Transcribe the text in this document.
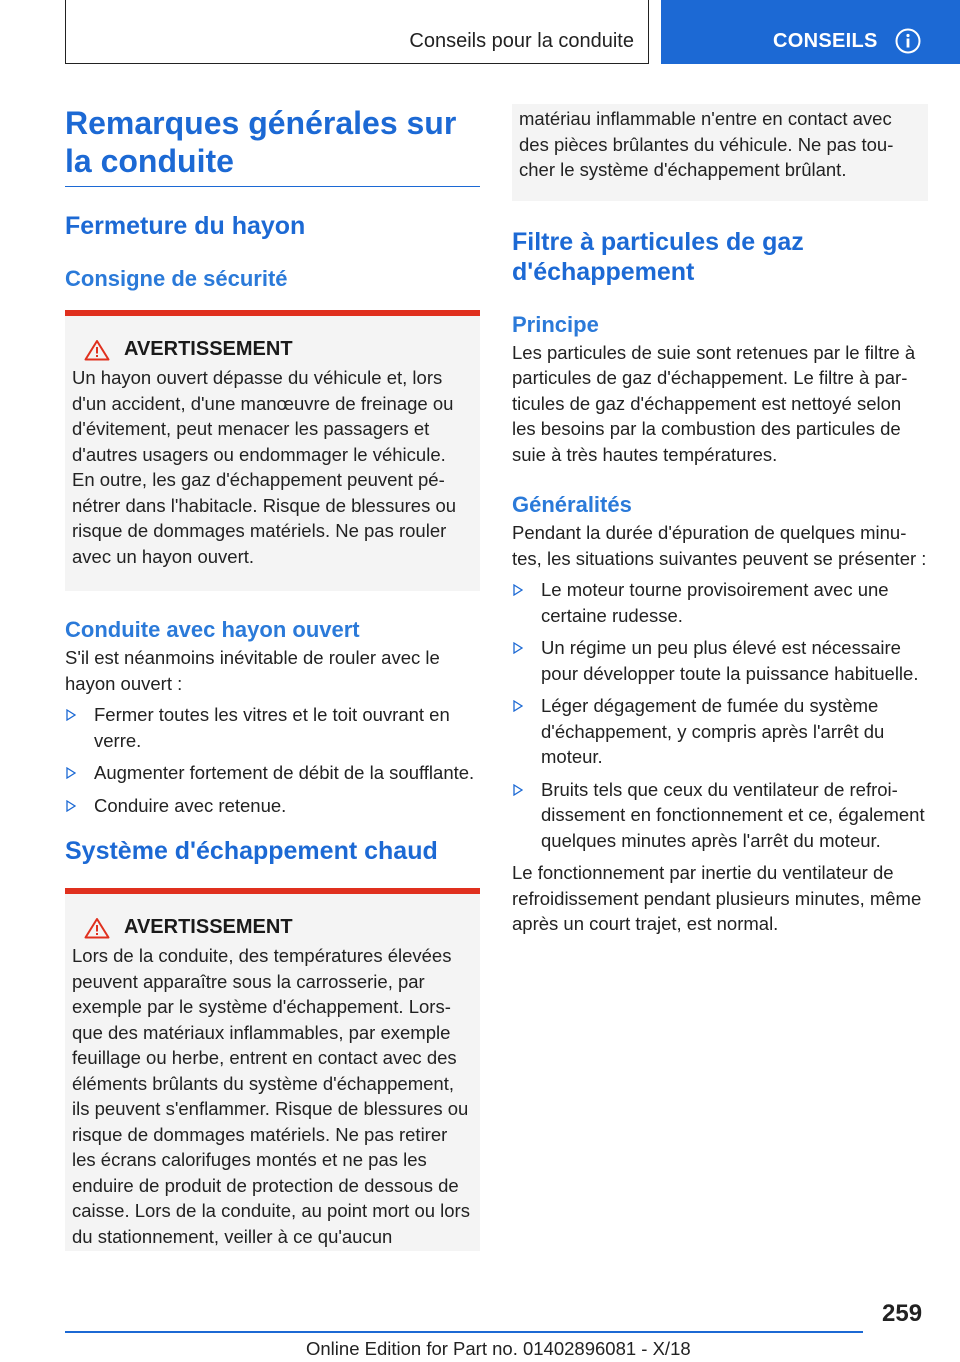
Conseils pour la conduite	CONSEILS
Remarques générales sur la conduite
Fermeture du hayon
Consigne de sécurité
AVERTISSEMENT

Un hayon ouvert dépasse du véhicule et, lors d'un accident, d'une manœuvre de freinage ou d'évitement, peut menacer les passagers et d'autres usagers ou endommager le véhicule. En outre, les gaz d'échappement peuvent pénétrer dans l'habitacle. Risque de blessures ou risque de dommages matériels. Ne pas rouler avec un hayon ouvert.

Conduite avec hayon ouvert

S'il est néanmoins inévitable de rouler avec le hayon ouvert :

Fermer toutes les vitres et le toit ouvrant en verre.
Augmenter fortement de débit de la soufflante.
Conduire avec retenue.
Système d'échappement chaud
AVERTISSEMENT

Lors de la conduite, des températures élevées peuvent apparaître sous la carrosserie, par exemple par le système d'échappement. Lorsque des matériaux inflammables, par exemple feuillage ou herbe, entrent en contact avec des éléments brûlants du système d'échappement, ils peuvent s'enflammer. Risque de blessures ou risque de dommages matériels. Ne pas retirer les écrans calorifuges montés et ne pas les enduire de produit de protection de dessous de caisse. Lors de la conduite, au point mort ou lors du stationnement, veiller à ce qu'aucun

matériau inflammable n'entre en contact avec des pièces brûlantes du véhicule. Ne pas toucher le système d'échappement brûlant.

Filtre à particules de gaz d'échappement
Principe

Les particules de suie sont retenues par le filtre à particules de gaz d'échappement. Le filtre à particules de gaz d'échappement est nettoyé selon les besoins par la combustion des particules de suie à très hautes températures.

Généralités

Pendant la durée d'épuration de quelques minutes, les situations suivantes peuvent se présenter :

Le moteur tourne provisoirement avec une certaine rudesse.
Un régime un peu plus élevé est nécessaire pour développer toute la puissance habituelle.
Léger dégagement de fumée du système d'échappement, y compris après l'arrêt du moteur.
Bruits tels que ceux du ventilateur de refroidissement en fonctionnement et ce, également quelques minutes après l'arrêt du moteur.

Le fonctionnement par inertie du ventilateur de refroidissement pendant plusieurs minutes, même après un court trajet, est normal.

259
Online Edition for Part no. 01402896081 - X/18
